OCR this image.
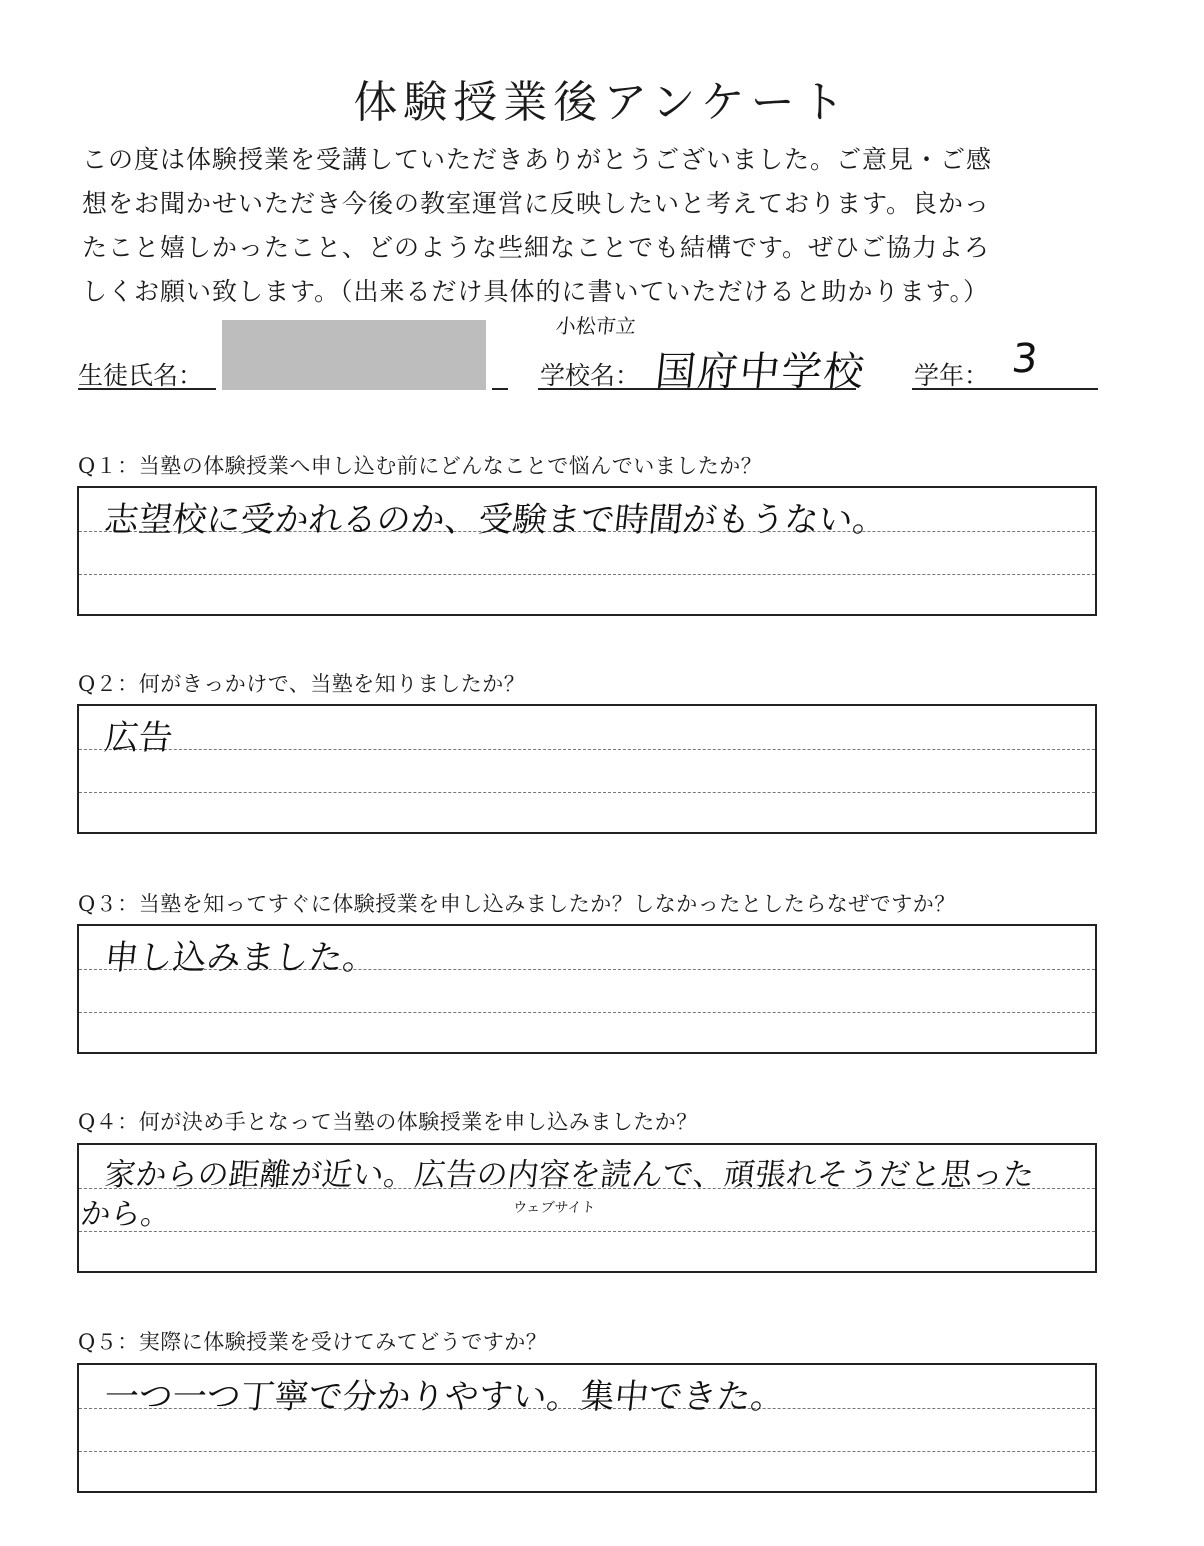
体験授業後アンケート
この度は体験授業を受講していただきありがとうございました。ご意見・ご感
想をお聞かせいただき今後の教室運営に反映したいと考えております。良かっ
たこと嬉しかったこと、どのような些細なことでも結構です。ぜひご協力よろ
しくお願い致します。（出来るだけ具体的に書いていただけると助かります。）
生徒氏名：
小松市立
学校名： 国府中学校 学年： 3
Q１：当塾の体験授業へ申し込む前にどんなことで悩んでいましたか？
志望校に受かれるのか、受験まで時間がもうない。
Q２：何がきっかけで、当塾を知りましたか？
広告
Q３：当塾を知ってすぐに体験授業を申し込みましたか？しなかったとしたらなぜですか？
申し込みました。
Q４：何が決め手となって当塾の体験授業を申し込みましたか？
家からの距離が近い。広告の内容を読んで、頑張れそうだと思った
から。	ウェブサイト
Q５：実際に体験授業を受けてみてどうですか？
一つ一つ丁寧で分かりやすい。集中できた。
